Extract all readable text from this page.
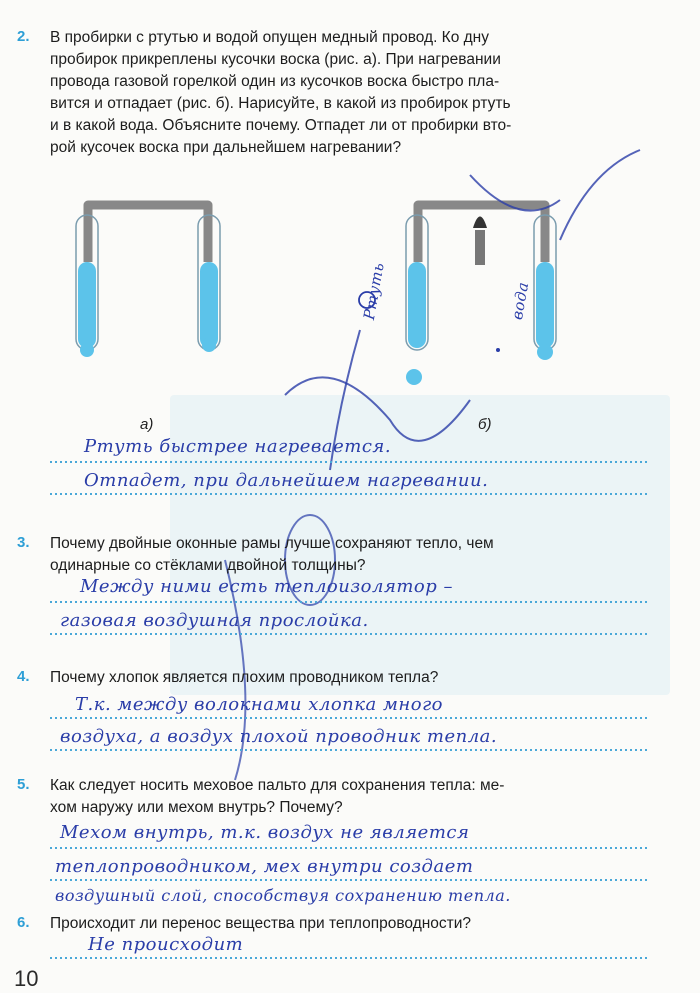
2. В пробирки с ртутью и водой опущен медный провод. Ко дну
пробирок прикреплены кусочки воска (рис. а). При нагревании
провода газовой горелкой один из кусочков воска быстро пла-
вится и отпадает (рис. б). Нарисуйте, в какой из пробирок ртуть
и в какой вода. Объясните почему. Отпадет ли от пробирки вто-
рой кусочек воска при дальнейшем нагревании?
а)	б)
Ртуть	вода
Ртуть быстрее нагревается.
Отпадет, при дальнейшем нагревании.
3. Почему двойные оконные рамы лучше сохраняют тепло, чем
одинарные со стёклами двойной толщины?
Между ними есть теплоизолятор –
газовая воздушная прослойка.
4. Почему хлопок является плохим проводником тепла?
Т.к. между волокнами хлопка много
воздуха, а воздух плохой проводник тепла.
5. Как следует носить меховое пальто для сохранения тепла: ме-
хом наружу или мехом внутрь? Почему?
Мехом внутрь, т.к. воздух не является
теплопроводником, мех внутри создает
воздушный слой, способствуя сохранению тепла.
6. Происходит ли перенос вещества при теплопроводности?
Не происходит
10
